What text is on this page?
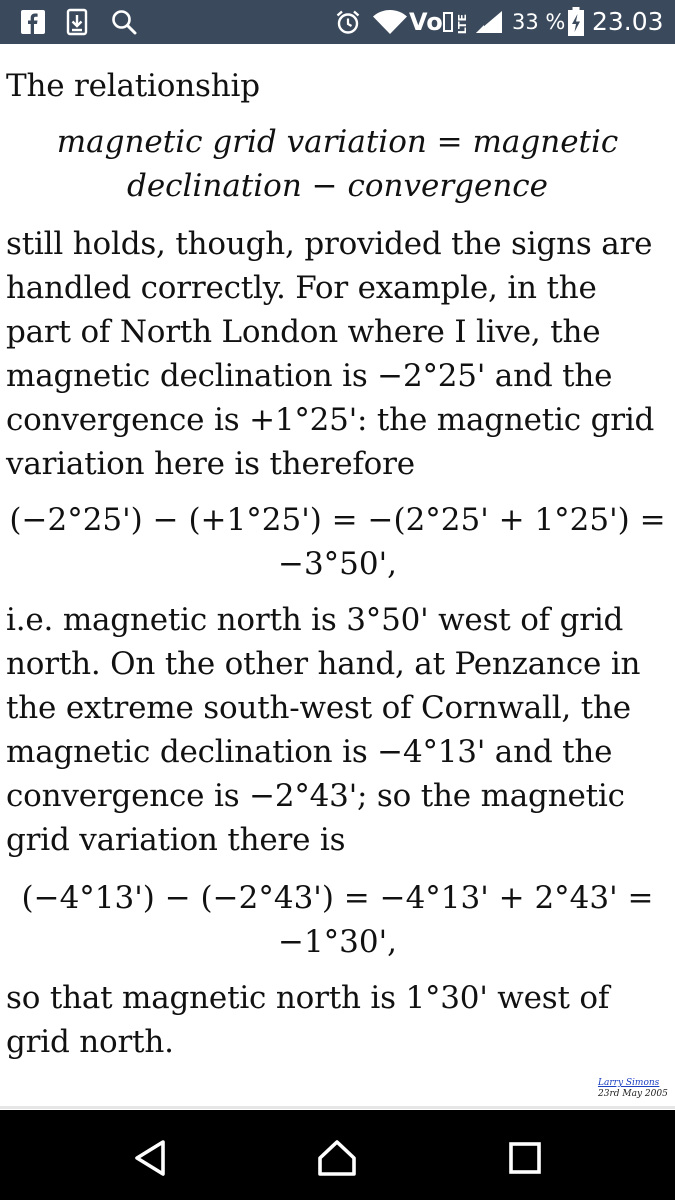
Vo LTE 33 % 23.03

The relationship

magnetic grid variation = magnetic

declination − convergence

still holds, though, provided the signs are handled correctly. For example, in the part of North London where I live, the magnetic declination is −2°25' and the convergence is +1°25': the magnetic grid variation here is therefore

(−2°25') − (+1°25') = −(2°25' + 1°25') =

−3°50',

i.e. magnetic north is 3°50' west of grid north. On the other hand, at Penzance in the extreme south-west of Cornwall, the magnetic declination is −4°13' and the convergence is −2°43'; so the magnetic grid variation there is

(−4°13') − (−2°43') = −4°13' + 2°43' =

−1°30',

so that magnetic north is 1°30' west of grid north.

Larry Simons
23rd May 2005
